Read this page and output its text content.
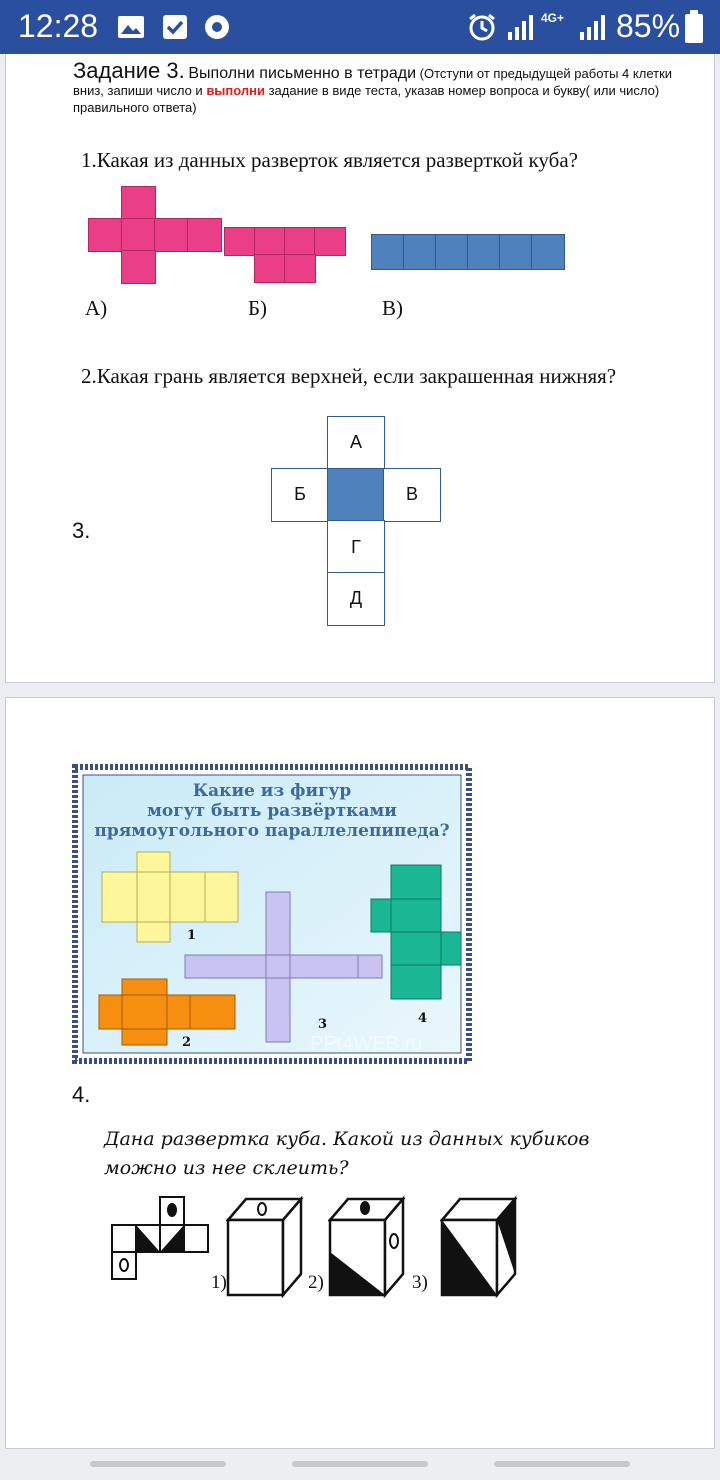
12:28	4G+ 85%
Задание 3. Выполни письменно в тетради (Отступи от предыдущей работы 4 клетки вниз, запиши число и выполни задание в виде теста, указав номер вопроса и букву( или число) правильного ответа)
1.Какая из данных разверток является разверткой куба?
А)	Б)	В)
2.Какая грань является верхней, если закрашенная нижняя?
А
Б	В
Г
Д
3.
Какие из фигур
могут быть развёртками
прямоугольного параллелепипеда?
1
2
3	4
PPt4WEB.ru
4.
Дана развертка куба. Какой из данных кубиков
можно из нее склеить?
1)	2)	3)
